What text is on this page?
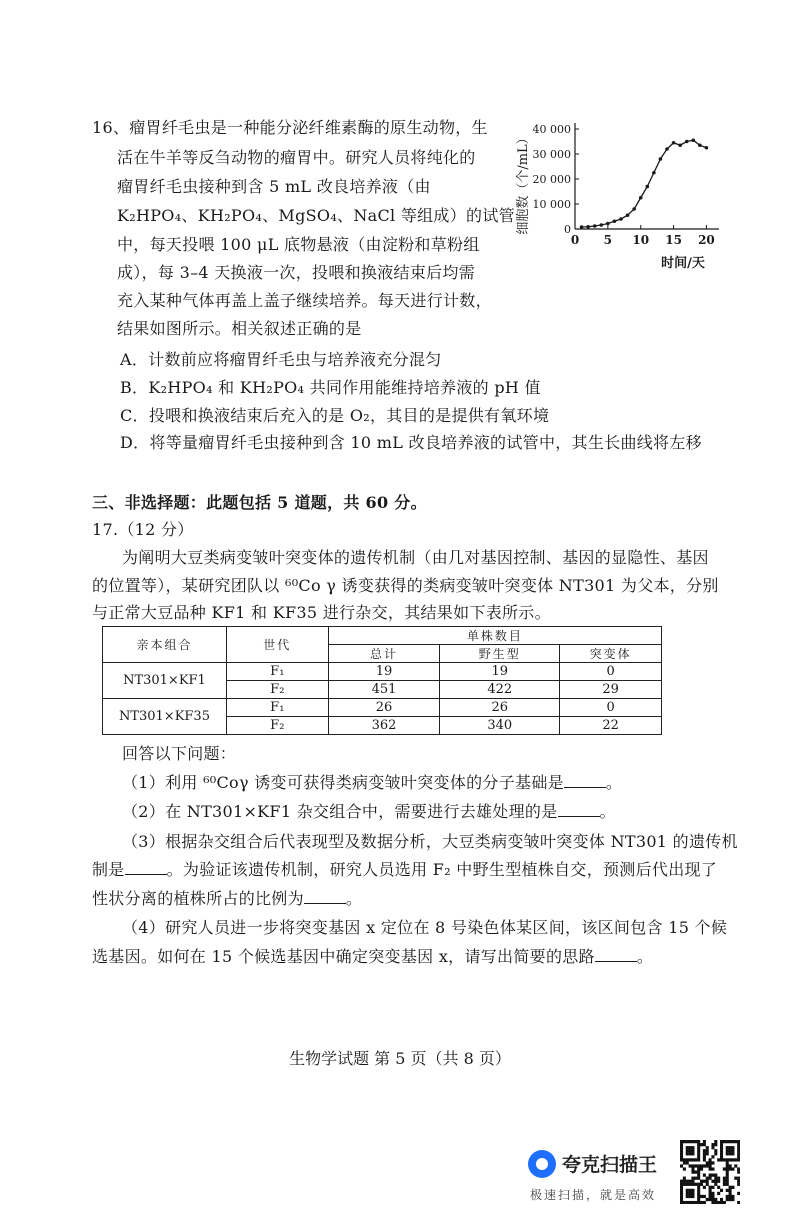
16、瘤胃纤毛虫是一种能分泌纤维素酶的原生动物，生
活在牛羊等反刍动物的瘤胃中。研究人员将纯化的
瘤胃纤毛虫接种到含 5 mL 改良培养液（由
K₂HPO₄、KH₂PO₄、MgSO₄、NaCl 等组成）的试管
中，每天投喂 100 μL 底物悬液（由淀粉和草粉组
成），每 3–4 天换液一次，投喂和换液结束后均需
充入某种气体再盖上盖子继续培养。每天进行计数，
结果如图所示。相关叙述正确的是
A．计数前应将瘤胃纤毛虫与培养液充分混匀
B．K₂HPO₄ 和 KH₂PO₄ 共同作用能维持培养液的 pH 值
C．投喂和换液结束后充入的是 O₂，其目的是提供有氧环境
D．将等量瘤胃纤毛虫接种到含 10 mL 改良培养液的试管中，其生长曲线将左移
细胞数（个/mL）	0
10 000
20 000
30 000
40 000
0 5 10 15 20
时间/天
三、非选择题：此题包括 5 道题，共 60 分。
17.（12 分）
为阐明大豆类病变皱叶突变体的遗传机制（由几对基因控制、基因的显隐性、基因
的位置等），某研究团队以 ⁶⁰Co γ 诱变获得的类病变皱叶突变体 NT301 为父本，分别
与正常大豆品种 KF1 和 KF35 进行杂交，其结果如下表所示。
亲本组合	世代	单株数目		
		总计	野生型	突变体
NT301×KF1	F₁	19	19	0
	F₂	451	422	29
NT301×KF35	F₁	26	26	0
	F₂	362	340	22
回答以下问题：
（1）利用 ⁶⁰Coγ 诱变可获得类病变皱叶突变体的分子基础是	。
（2）在 NT301×KF1 杂交组合中，需要进行去雄处理的是	。
（3）根据杂交组合后代表现型及数据分析，大豆类病变皱叶突变体 NT301 的遗传机
制是	。为验证该遗传机制，研究人员选用 F₂ 中野生型植株自交，预测后代出现了
性状分离的植株所占的比例为	。
（4）研究人员进一步将突变基因 x 定位在 8 号染色体某区间，该区间包含 15 个候
选基因。如何在 15 个候选基因中确定突变基因 x，请写出简要的思路	。
生物学试题 第 5 页（共 8 页）
夸克扫描王
极速扫描，就是高效
